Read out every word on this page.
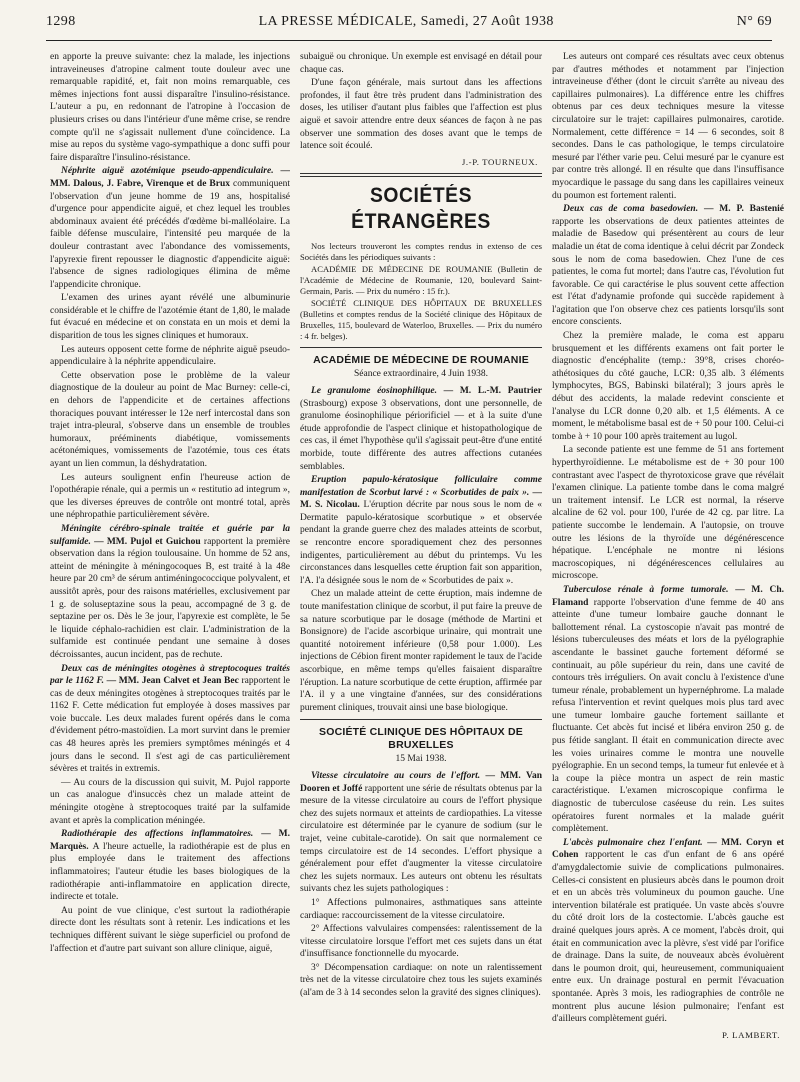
1298	LA PRESSE MÉDICALE, Samedi, 27 Août 1938	N° 69

en apporte la preuve suivante: chez la malade, les injections intraveineuses d'atropine calment toute douleur avec une remarquable rapidité, et, fait non moins remarquable, ces mêmes injections font aussi disparaître l'insulino-résistance. L'auteur a pu, en redonnant de l'atropine à l'occasion de plusieurs crises ou dans l'intérieur d'une même crise, se rendre compte qu'il ne s'agissait nullement d'une coïncidence. La mise au repos du système vago-sympathique a donc suffi pour faire disparaître l'insulino-résistance.

Néphrite aiguë azotémique pseudo-appendiculaire. — MM. Dalous, J. Fabre, Virenque et de Brux communiquent l'observation d'un jeune homme de 19 ans, hospitalisé d'urgence pour appendicite aiguë, et chez lequel les troubles abdominaux avaient été précédés d'œdème bi-malléolaire. La faible défense musculaire, l'intensité peu marquée de la douleur contrastant avec l'abondance des vomissements, l'apyrexie firent repousser le diagnostic d'appendicite aiguë: l'absence de signes radiologiques élimina de même l'appendicite chronique.

L'examen des urines ayant révélé une albuminurie considérable et le chiffre de l'azotémie étant de 1,80, le malade fut évacué en médecine et on constata en un mois et demi la disparition de tous les signes cliniques et humoraux.

Les auteurs opposent cette forme de néphrite aiguë pseudo-appendiculaire à la néphrite appendiculaire.

Cette observation pose le problème de la valeur diagnostique de la douleur au point de Mac Burney: celle-ci, en dehors de l'appendicite et de certaines affections thoraciques pouvant intéresser le 12e nerf intercostal dans son trajet intra-pleural, s'observe dans un ensemble de troubles humoraux, prééminents diabétique, vomissements acétonémiques, vomissements de l'azotémie, tous ces états ayant un lien commun, la déshydratation.

Les auteurs soulignent enfin l'heureuse action de l'opothérapie rénale, qui a permis un « restitutio ad integrum », que les diverses épreuves de contrôle ont montré total, après une néphropathie particulièrement sévère.

Méningite cérébro-spinale traitée et guérie par la sulfamide. — MM. Pujol et Guichou rapportent la première observation dans la région toulousaine. Un homme de 52 ans, atteint de méningite à méningocoques B, est traité à la 48e heure par 20 cm³ de sérum antiméningococcique polyvalent, et aussitôt après, pour des raisons matérielles, exclusivement par 1 g. de soluseptazine sous la peau, accompagné de 3 g. de septazine per os. Dès le 3e jour, l'apyrexie est complète, le 5e le liquide céphalo-rachidien est clair. L'administration de la sulfamide est continuée pendant une semaine à doses décroissantes, aucun incident, pas de rechute.

Deux cas de méningites otogènes à streptocoques traités par le 1162 F. — MM. Jean Calvet et Jean Bec rapportent le cas de deux méningites otogènes à streptocoques traités par le 1162 F. Cette médication fut employée à doses massives par voie buccale. Les deux malades furent opérés dans le coma d'évidement pétro-mastoïdien. La mort survint dans le premier cas 48 heures après les premiers symptômes méningés et 4 jours dans le second. Il s'est agi de cas particulièrement sévères et traités in extremis.

— Au cours de la discussion qui suivit, M. Pujol rapporte un cas analogue d'insuccès chez un malade atteint de méningite otogène à streptocoques traité par la sulfamide avant et après la complication méningée.

Radiothérapie des affections inflammatoires. — M. Marquès. A l'heure actuelle, la radiothérapie est de plus en plus employée dans le traitement des affections inflammatoires; l'auteur étudie les bases biologiques de la radiothérapie anti-inflammatoire en application directe, indirecte et totale.

Au point de vue clinique, c'est surtout la radiothérapie directe dont les résultats sont à retenir. Les indications et les techniques diffèrent suivant le siège superficiel ou profond de l'affection et d'autre part suivant son allure clinique, aiguë,

subaiguë ou chronique. Un exemple est envisagé en détail pour chaque cas.

D'une façon générale, mais surtout dans les affections profondes, il faut être très prudent dans l'administration des doses, les utiliser d'autant plus faibles que l'affection est plus aiguë et savoir attendre entre deux séances de façon à ne pas observer une sommation des doses avant que le temps de latence soit écoulé.

J.-P. TOURNEUX.
SOCIÉTÉS ÉTRANGÈRES

Nos lecteurs trouveront les comptes rendus in extenso de ces Sociétés dans les périodiques suivants :

ACADÉMIE DE MÉDECINE DE ROUMANIE (Bulletin de l'Académie de Médecine de Roumanie, 120, boulevard Saint-Germain, Paris. — Prix du numéro : 15 fr.).

SOCIÉTÉ CLINIQUE DES HÔPITAUX DE BRUXELLES (Bulletins et comptes rendus de la Société clinique des Hôpitaux de Bruxelles, 115, boulevard de Waterloo, Bruxelles. — Prix du numéro : 4 fr. belges).

ACADÉMIE DE MÉDECINE DE ROUMANIE
Séance extraordinaire, 4 Juin 1938.

Le granulome éosinophilique. — M. L.-M. Pautrier (Strasbourg) expose 3 observations, dont une personnelle, de granulome éosinophilique périorificiel — et à la suite d'une étude approfondie de l'aspect clinique et histopathologique de ces cas, il émet l'hypothèse qu'il s'agissait peut-être d'une entité morbide, toute différente des autres affections cutanées semblables.

Eruption papulo-kératosique folliculaire comme manifestation de Scorbut larvé : « Scorbutides de paix ». — M. S. Nicolau. L'éruption décrite par nous sous le nom de « Dermatite papulo-kératosique scorbutique » et observée pendant la grande guerre chez des malades atteints de scorbut, se rencontre encore sporadiquement chez des personnes indigentes, particulièrement au début du printemps. Vu les circonstances dans lesquelles cette éruption fait son apparition, l'A. l'a désignée sous le nom de « Scorbutides de paix ».

Chez un malade atteint de cette éruption, mais indemne de toute manifestation clinique de scorbut, il put faire la preuve de sa nature scorbutique par le dosage (méthode de Martini et Bonsignore) de l'acide ascorbique urinaire, qui montrait une quantité notoirement inférieure (0,58 pour 1.000). Les injections de Cébion firent monter rapidement le taux de l'acide ascorbique, en même temps qu'elles faisaient disparaître l'éruption. La nature scorbutique de cette éruption, affirmée par l'A. il y a une vingtaine d'années, sur des considérations purement cliniques, trouvait ainsi une base biologique.

SOCIÉTÉ CLINIQUE DES HÔPITAUX DE BRUXELLES
15 Mai 1938.

Vitesse circulatoire au cours de l'effort. — MM. Van Dooren et Joffé rapportent une série de résultats obtenus par la mesure de la vitesse circulatoire au cours de l'effort physique chez des sujets normaux et atteints de cardiopathies. La vitesse circulatoire est déterminée par le cyanure de sodium (sur le trajet, veine cubitale-carotide). On sait que normalement ce temps circulatoire est de 14 secondes. L'effort physique a généralement pour effet d'augmenter la vitesse circulatoire chez les sujets normaux. Les auteurs ont obtenu les résultats suivants chez les sujets pathologiques :

1° Affections pulmonaires, asthmatiques sans atteinte cardiaque: raccourcissement de la vitesse circulatoire.

2° Affections valvulaires compensées: ralentissement de la vitesse circulatoire lorsque l'effort met ces sujets dans un état d'insuffisance fonctionnelle du myocarde.

3° Décompensation cardiaque: on note un ralentissement très net de la vitesse circulatoire chez tous les sujets examinés (al'am de 3 à 14 secondes selon la gravité des signes cliniques).

Les auteurs ont comparé ces résultats avec ceux obtenus par d'autres méthodes et notamment par l'injection intraveineuse d'éther (dont le circuit s'arrête au niveau des capillaires pulmonaires). La différence entre les chiffres obtenus par ces deux techniques mesure la vitesse circulatoire sur le trajet: capillaires pulmonaires, carotide. Normalement, cette différence = 14 — 6 secondes, soit 8 secondes. Dans le cas pathologique, le temps circulatoire mesuré par l'éther varie peu. Celui mesuré par le cyanure est par contre très allongé. Il en résulte que dans l'insuffisance myocardique le passage du sang dans les capillaires veineux du poumon est fortement ralenti.

Deux cas de coma basedowien. — M. P. Bastenié rapporte les observations de deux patientes atteintes de maladie de Basedow qui présentèrent au cours de leur maladie un état de coma identique à celui décrit par Zondeck sous le nom de coma basedowien. Chez l'une de ces patientes, le coma fut mortel; dans l'autre cas, l'évolution fut favorable. Ce qui caractérise le plus souvent cette affection est l'état d'adynamie profonde qui succède rapidement à l'agitation que l'on observe chez ces patients lorsqu'ils sont encore conscients.

Chez la première malade, le coma est apparu brusquement et les différents examens ont fait porter le diagnostic d'encéphalite (temp.: 39°8, crises choréo-athétosiques du côté gauche, LCR: 0,35 alb. 3 éléments lymphocytes, BGS, Babinski bilatéral); 3 jours après le début des accidents, la malade redevint consciente et l'analyse du LCR donne 0,20 alb. et 1,5 éléments. A ce moment, le métabolisme basal est de + 50 pour 100. Celui-ci tombe à + 10 pour 100 après traitement au lugol.

La seconde patiente est une femme de 51 ans fortement hyperthyroïdienne. Le métabolisme est de + 30 pour 100 contrastant avec l'aspect de thyrotoxicose grave que révélait l'examen clinique. La patiente tombe dans le coma malgré un traitement intensif. Le LCR est normal, la réserve alcaline de 62 vol. pour 100, l'urée de 42 cg. par litre. La patiente succombe le lendemain. A l'autopsie, on trouve outre les lésions de la thyroïde une dégénérescence hépatique. L'encéphale ne montre ni lésions macroscopiques, ni dégénérescences cellulaires au microscope.

Tuberculose rénale à forme tumorale. — M. Ch. Flamand rapporte l'observation d'une femme de 40 ans atteinte d'une tumeur lombaire gauche donnant le ballottement rénal. La cystoscopie n'avait pas montré de lésions tuberculeuses des méats et lors de la pyélographie ascendante le bassinet gauche fortement déformé se continuait, au pôle supérieur du rein, dans une cavité de contours très irréguliers. On avait conclu à l'existence d'une tumeur rénale, probablement un hypernéphrome. La malade refusa l'intervention et revint quelques mois plus tard avec une tumeur lombaire gauche fortement saillante et fluctuante. Cet abcès fut incisé et libéra environ 250 g. de pus fétide sanglant. Il était en communication directe avec les voies urinaires comme le montra une nouvelle pyélographie. En un second temps, la tumeur fut enlevée et à la coupe la pièce montra un aspect de rein mastic caractéristique. L'examen microscopique confirma le diagnostic de tuberculose caséeuse du rein. Les suites opératoires furent normales et la malade guérit complètement.

L'abcès pulmonaire chez l'enfant. — MM. Coryn et Cohen rapportent le cas d'un enfant de 6 ans opéré d'amygdalectomie suivie de complications pulmonaires. Celles-ci consistent en plusieurs abcès dans le poumon droit et en un abcès très volumineux du poumon gauche. Une intervention bilatérale est pratiquée. Un vaste abcès s'ouvre du côté droit lors de la costectomie. L'abcès gauche est drainé quelques jours après. A ce moment, l'abcès droit, qui était en communication avec la plèvre, s'est vidé par l'orifice de drainage. Dans la suite, de nouveaux abcès évoluèrent dans le poumon droit, qui, heureusement, communiquaient entre eux. Un drainage postural en permit l'évacuation spontanée. Après 3 mois, les radiographies de contrôle ne montrent plus aucune lésion pulmonaire; l'enfant est d'ailleurs complètement guéri.

P. LAMBERT.
